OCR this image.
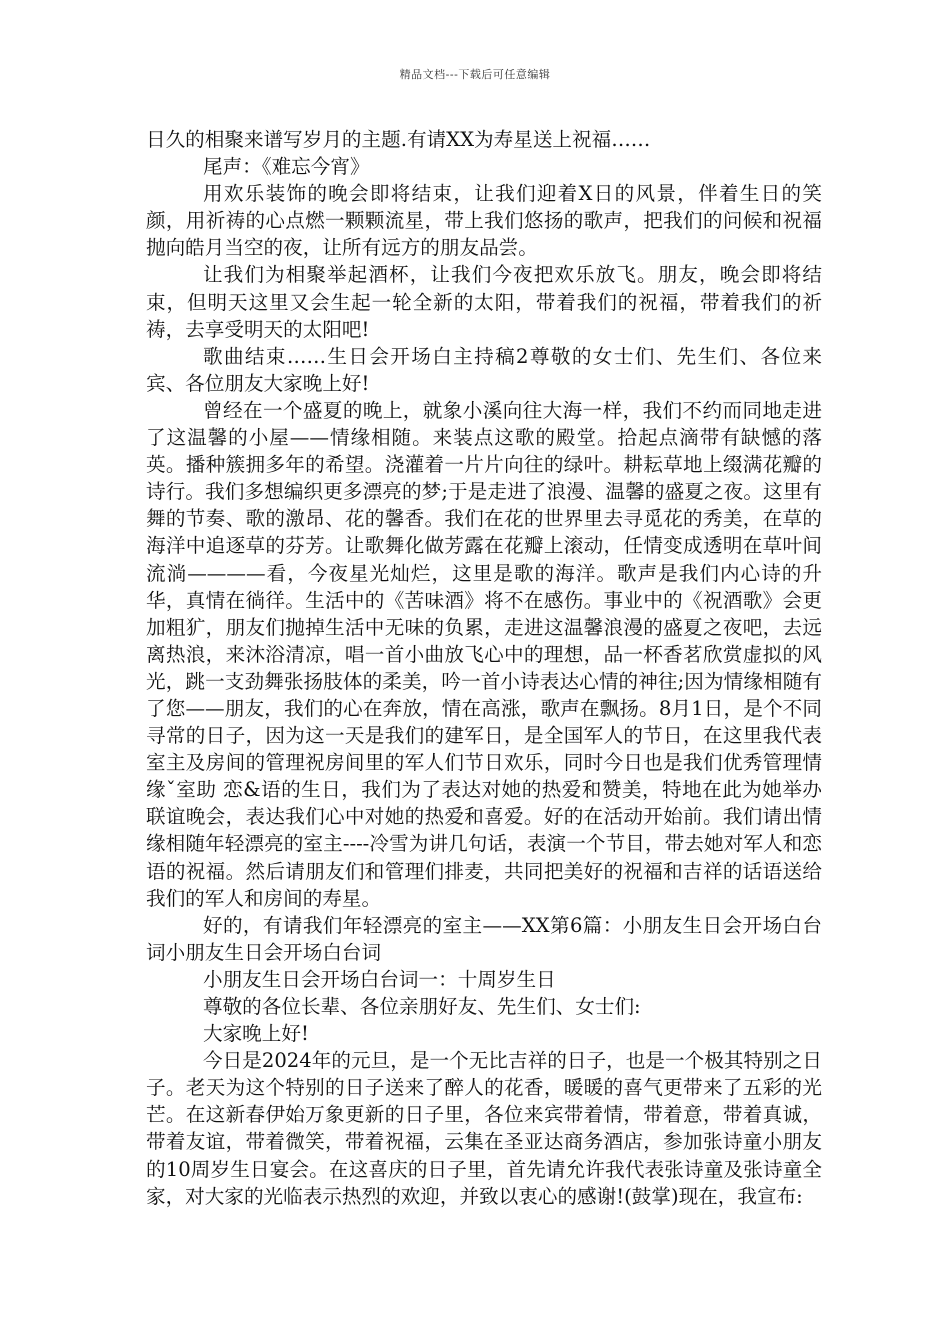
精品文档---下载后可任意编辑

日久的相聚来谱写岁月的主题.有请XX为寿星送上祝福……

尾声：《难忘今宵》

用欢乐装饰的晚会即将结束，让我们迎着X日的风景，伴着生日的笑颜，用祈祷的心点燃一颗颗流星，带上我们悠扬的歌声，把我们的问候和祝福抛向皓月当空的夜，让所有远方的朋友品尝。

让我们为相聚举起酒杯，让我们今夜把欢乐放飞。朋友，晚会即将结束，但明天这里又会生起一轮全新的太阳，带着我们的祝福，带着我们的祈祷，去享受明天的太阳吧!

歌曲结束……生日会开场白主持稿2尊敬的女士们、先生们、各位来宾、各位朋友大家晚上好!

曾经在一个盛夏的晚上，就象小溪向往大海一样，我们不约而同地走进了这温馨的小屋——情缘相随。来装点这歌的殿堂。拾起点滴带有缺憾的落英。播种簇拥多年的希望。浇灌着一片片向往的绿叶。耕耘草地上缀满花瓣的诗行。我们多想编织更多漂亮的梦;于是走进了浪漫、温馨的盛夏之夜。这里有舞的节奏、歌的激昂、花的馨香。我们在花的世界里去寻觅花的秀美，在草的海洋中追逐草的芬芳。让歌舞化做芳露在花瓣上滚动，任情变成透明在草叶间流淌————看，今夜星光灿烂，这里是歌的海洋。歌声是我们内心诗的升华，真情在徜徉。生活中的《苦味酒》将不在感伤。事业中的《祝酒歌》会更加粗犷，朋友们抛掉生活中无味的负累，走进这温馨浪漫的盛夏之夜吧，去远离热浪，来沐浴清凉，唱一首小曲放飞心中的理想，品一杯香茗欣赏虚拟的风光，跳一支劲舞张扬肢体的柔美，吟一首小诗表达心情的神往;因为情缘相随有了您——朋友，我们的心在奔放，情在高涨，歌声在飘扬。8月1日，是个不同寻常的日子，因为这一天是我们的建军日，是全国军人的节日，在这里我代表室主及房间的管理祝房间里的军人们节日欢乐，同时今日也是我们优秀管理情缘ˇ室助 恋&语的生日，我们为了表达对她的热爱和赞美，特地在此为她举办联谊晚会，表达我们心中对她的热爱和喜爱。好的在活动开始前。我们请出情缘相随年轻漂亮的室主----冷雪为讲几句话，表演一个节目，带去她对军人和恋语的祝福。然后请朋友们和管理们排麦，共同把美好的祝福和吉祥的话语送给我们的军人和房间的寿星。

好的，有请我们年轻漂亮的室主——XX第6篇：小朋友生日会开场白台词小朋友生日会开场白台词

小朋友生日会开场白台词一：十周岁生日

尊敬的各位长辈、各位亲朋好友、先生们、女士们:

大家晚上好!

今日是2024年的元旦，是一个无比吉祥的日子，也是一个极其特别之日子。老天为这个特别的日子送来了醉人的花香，暖暖的喜气更带来了五彩的光芒。在这新春伊始万象更新的日子里，各位来宾带着情，带着意，带着真诚，带着友谊，带着微笑，带着祝福，云集在圣亚达商务酒店，参加张诗童小朋友的10周岁生日宴会。在这喜庆的日子里，首先请允许我代表张诗童及张诗童全家，对大家的光临表示热烈的欢迎，并致以衷心的感谢!(鼓掌)现在，我宣布:
